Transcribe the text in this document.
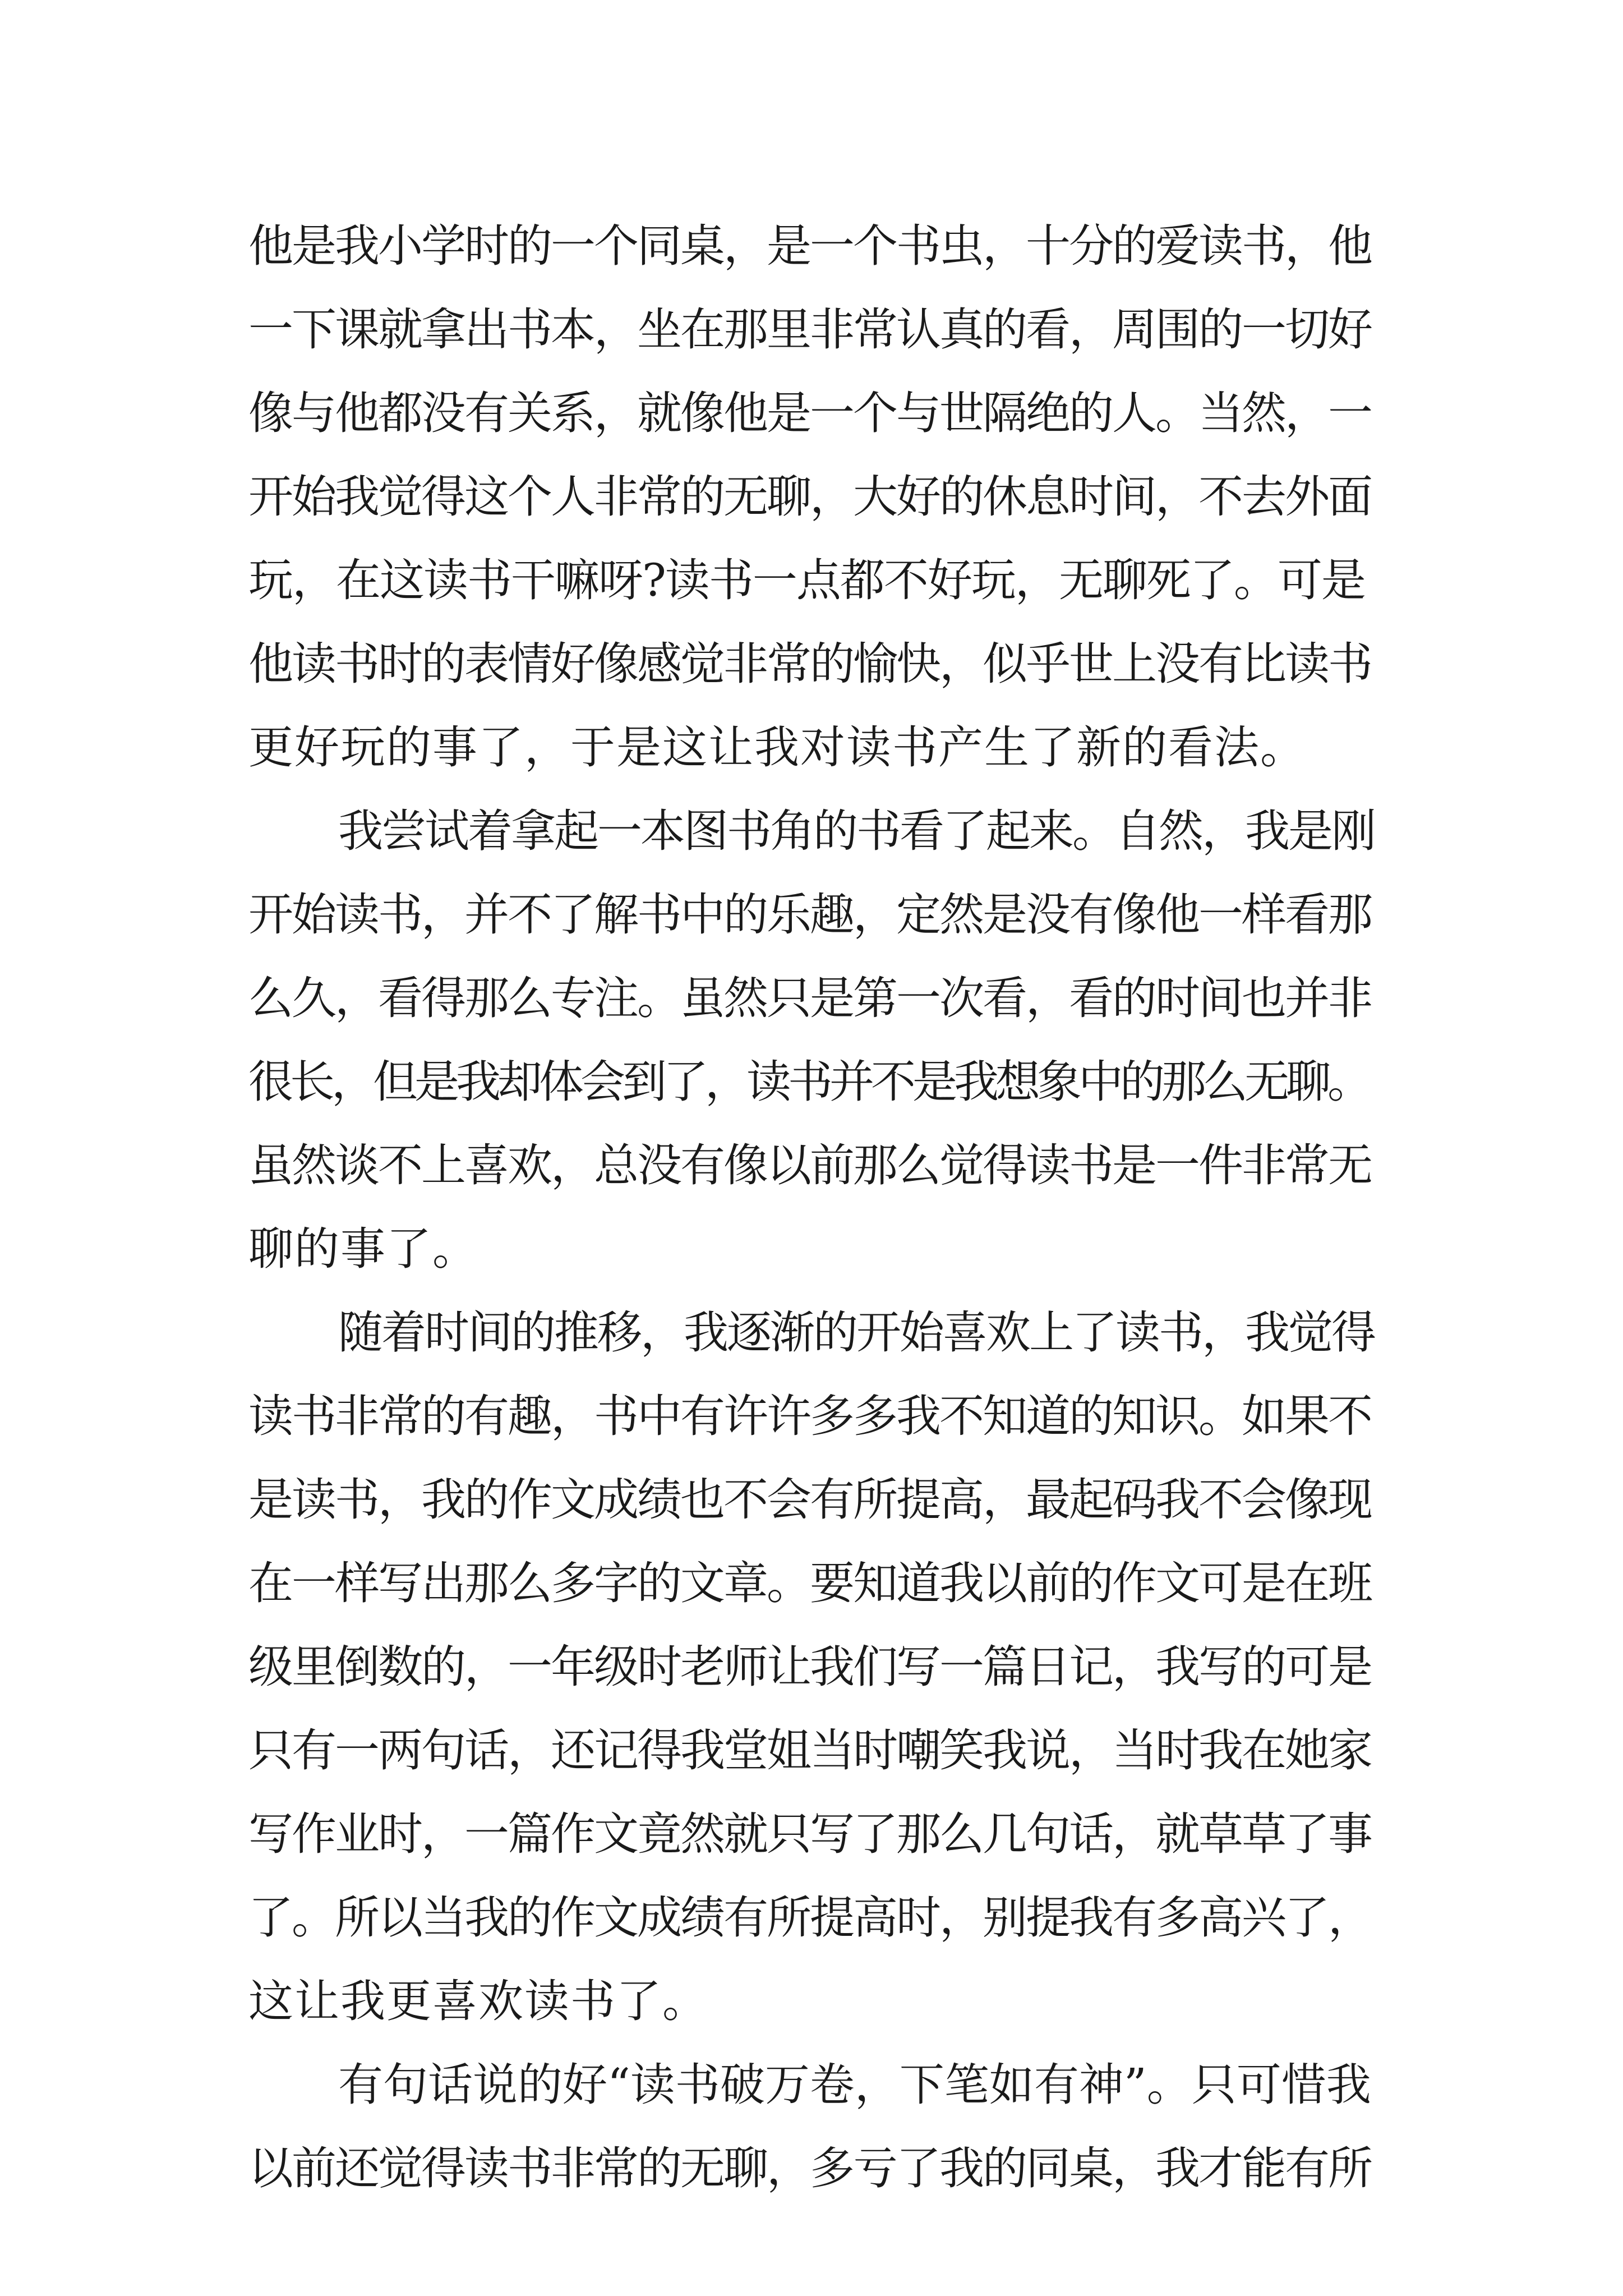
他是我小学时的一个同桌，是一个书虫，十分的爱读书，他
一下课就拿出书本，坐在那里非常认真的看，周围的一切好
像与他都没有关系，就像他是一个与世隔绝的人。当然，一
开始我觉得这个人非常的无聊，大好的休息时间，不去外面
玩，在这读书干嘛呀?读书一点都不好玩，无聊死了。可是
他读书时的表情好像感觉非常的愉快，似乎世上没有比读书
更好玩的事了，于是这让我对读书产生了新的看法。
我尝试着拿起一本图书角的书看了起来。自然，我是刚
开始读书，并不了解书中的乐趣，定然是没有像他一样看那
么久，看得那么专注。虽然只是第一次看，看的时间也并非
很长，但是我却体会到了，读书并不是我想象中的那么无聊。
虽然谈不上喜欢，总没有像以前那么觉得读书是一件非常无
聊的事了。
随着时间的推移，我逐渐的开始喜欢上了读书，我觉得
读书非常的有趣，书中有许许多多我不知道的知识。如果不
是读书，我的作文成绩也不会有所提高，最起码我不会像现
在一样写出那么多字的文章。要知道我以前的作文可是在班
级里倒数的，一年级时老师让我们写一篇日记，我写的可是
只有一两句话，还记得我堂姐当时嘲笑我说，当时我在她家
写作业时，一篇作文竟然就只写了那么几句话，就草草了事
了。所以当我的作文成绩有所提高时，别提我有多高兴了，
这让我更喜欢读书了。
有句话说的好“读书破万卷，下笔如有神”。只可惜我
以前还觉得读书非常的无聊，多亏了我的同桌，我才能有所
